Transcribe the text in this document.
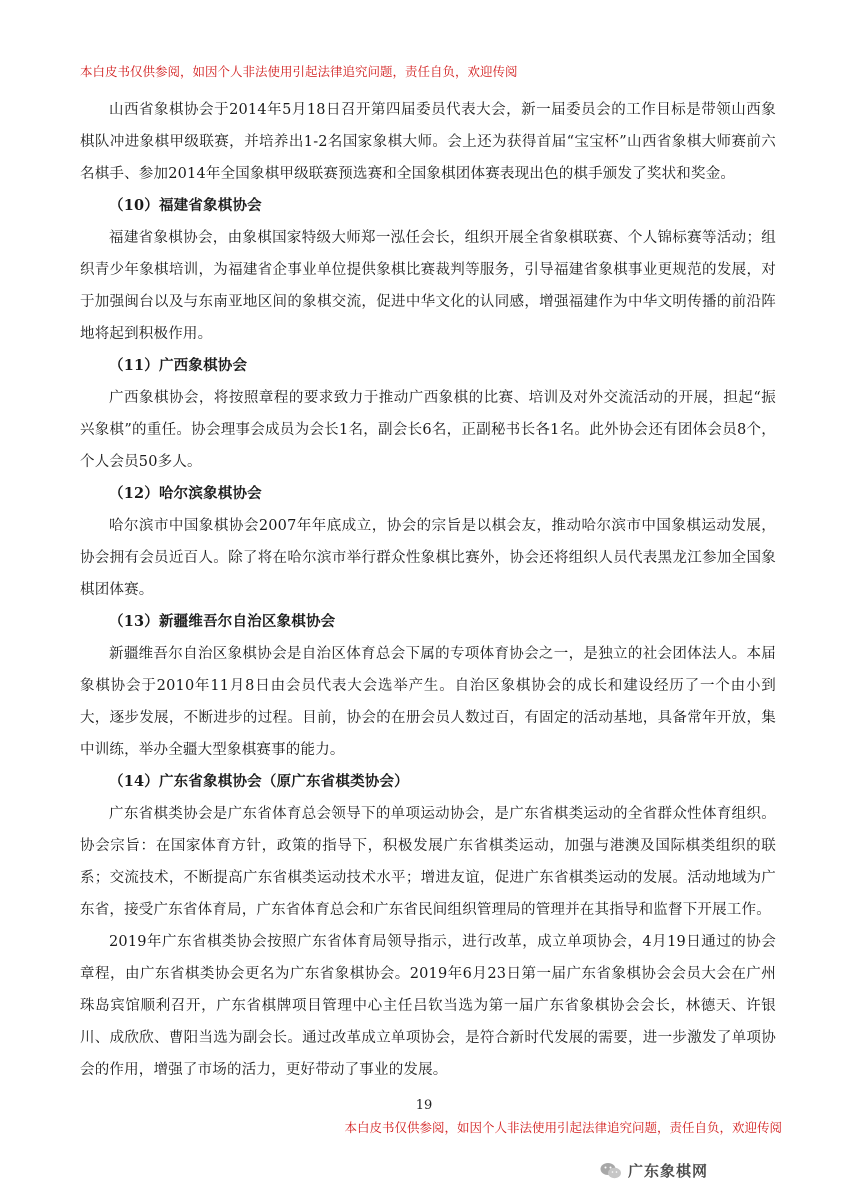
本白皮书仅供参阅，如因个人非法使用引起法律追究问题，责任自负，欢迎传阅

山西省象棋协会于2014年5月18日召开第四届委员代表大会，新一届委员会的工作目标是带领山西象棋队冲进象棋甲级联赛，并培养出1-2名国家象棋大师。会上还为获得首届“宝宝杯”山西省象棋大师赛前六名棋手、参加2014年全国象棋甲级联赛预选赛和全国象棋团体赛表现出色的棋手颁发了奖状和奖金。

（10）福建省象棋协会

福建省象棋协会，由象棋国家特级大师郑一泓任会长，组织开展全省象棋联赛、个人锦标赛等活动；组织青少年象棋培训，为福建省企事业单位提供象棋比赛裁判等服务，引导福建省象棋事业更规范的发展，对于加强闽台以及与东南亚地区间的象棋交流，促进中华文化的认同感，增强福建作为中华文明传播的前沿阵地将起到积极作用。

（11）广西象棋协会

广西象棋协会，将按照章程的要求致力于推动广西象棋的比赛、培训及对外交流活动的开展，担起“振兴象棋”的重任。协会理事会成员为会长1名，副会长6名，正副秘书长各1名。此外协会还有团体会员8个，个人会员50多人。

（12）哈尔滨象棋协会

哈尔滨市中国象棋协会2007年年底成立，协会的宗旨是以棋会友，推动哈尔滨市中国象棋运动发展，协会拥有会员近百人。除了将在哈尔滨市举行群众性象棋比赛外，协会还将组织人员代表黑龙江参加全国象棋团体赛。

（13）新疆维吾尔自治区象棋协会

新疆维吾尔自治区象棋协会是自治区体育总会下属的专项体育协会之一，是独立的社会团体法人。本届象棋协会于2010年11月8日由会员代表大会选举产生。自治区象棋协会的成长和建设经历了一个由小到大，逐步发展，不断进步的过程。目前，协会的在册会员人数过百，有固定的活动基地，具备常年开放，集中训练，举办全疆大型象棋赛事的能力。

（14）广东省象棋协会（原广东省棋类协会）

广东省棋类协会是广东省体育总会领导下的单项运动协会，是广东省棋类运动的全省群众性体育组织。协会宗旨：在国家体育方针，政策的指导下，积极发展广东省棋类运动，加强与港澳及国际棋类组织的联系；交流技术，不断提高广东省棋类运动技术水平；增进友谊，促进广东省棋类运动的发展。活动地域为广东省，接受广东省体育局，广东省体育总会和广东省民间组织管理局的管理并在其指导和监督下开展工作。

2019年广东省棋类协会按照广东省体育局领导指示，进行改革，成立单项协会，4月19日通过的协会章程，由广东省棋类协会更名为广东省象棋协会。2019年6月23日第一届广东省象棋协会会员大会在广州珠岛宾馆顺利召开，广东省棋牌项目管理中心主任吕钦当选为第一届广东省象棋协会会长，林德天、许银川、成欣欣、曹阳当选为副会长。通过改革成立单项协会，是符合新时代发展的需要，进一步激发了单项协会的作用，增强了市场的活力，更好带动了事业的发展。

19
本白皮书仅供参阅，如因个人非法使用引起法律追究问题，责任自负，欢迎传阅
广东象棋网
